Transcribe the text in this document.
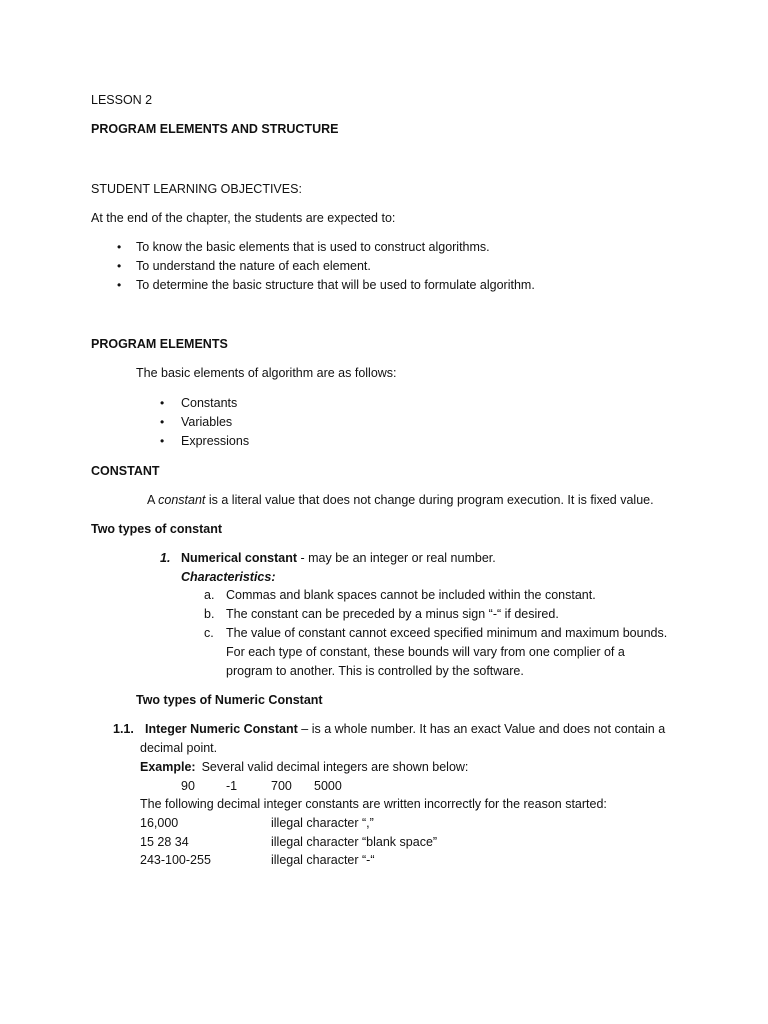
LESSON 2
PROGRAM ELEMENTS AND STRUCTURE
STUDENT LEARNING OBJECTIVES:
At the end of the chapter, the students are expected to:
• To know the basic elements that is used to construct algorithms.
• To understand the nature of each element.
• To determine the basic structure that will be used to formulate algorithm.
PROGRAM ELEMENTS
The basic elements of algorithm are as follows:
• Constants
• Variables
• Expressions
CONSTANT
A constant is a literal value that does not change during program execution. It is fixed value.
Two types of constant
1. Numerical constant - may be an integer or real number.
Characteristics:
a. Commas and blank spaces cannot be included within the constant.
b. The constant can be preceded by a minus sign “-“ if desired.
c. The value of constant cannot exceed specified minimum and maximum bounds.
For each type of constant, these bounds will vary from one complier of a
program to another. This is controlled by the software.
Two types of Numeric Constant
1.1. Integer Numeric Constant – is a whole number. It has an exact Value and does not contain a
decimal point.
Example: Several valid decimal integers are shown below:
90 -1	700 5000
The following decimal integer constants are written incorrectly for the reason started:
16,000	illegal character “,”
15 28 34	illegal character “blank space”
243-100-255	illegal character “-“
